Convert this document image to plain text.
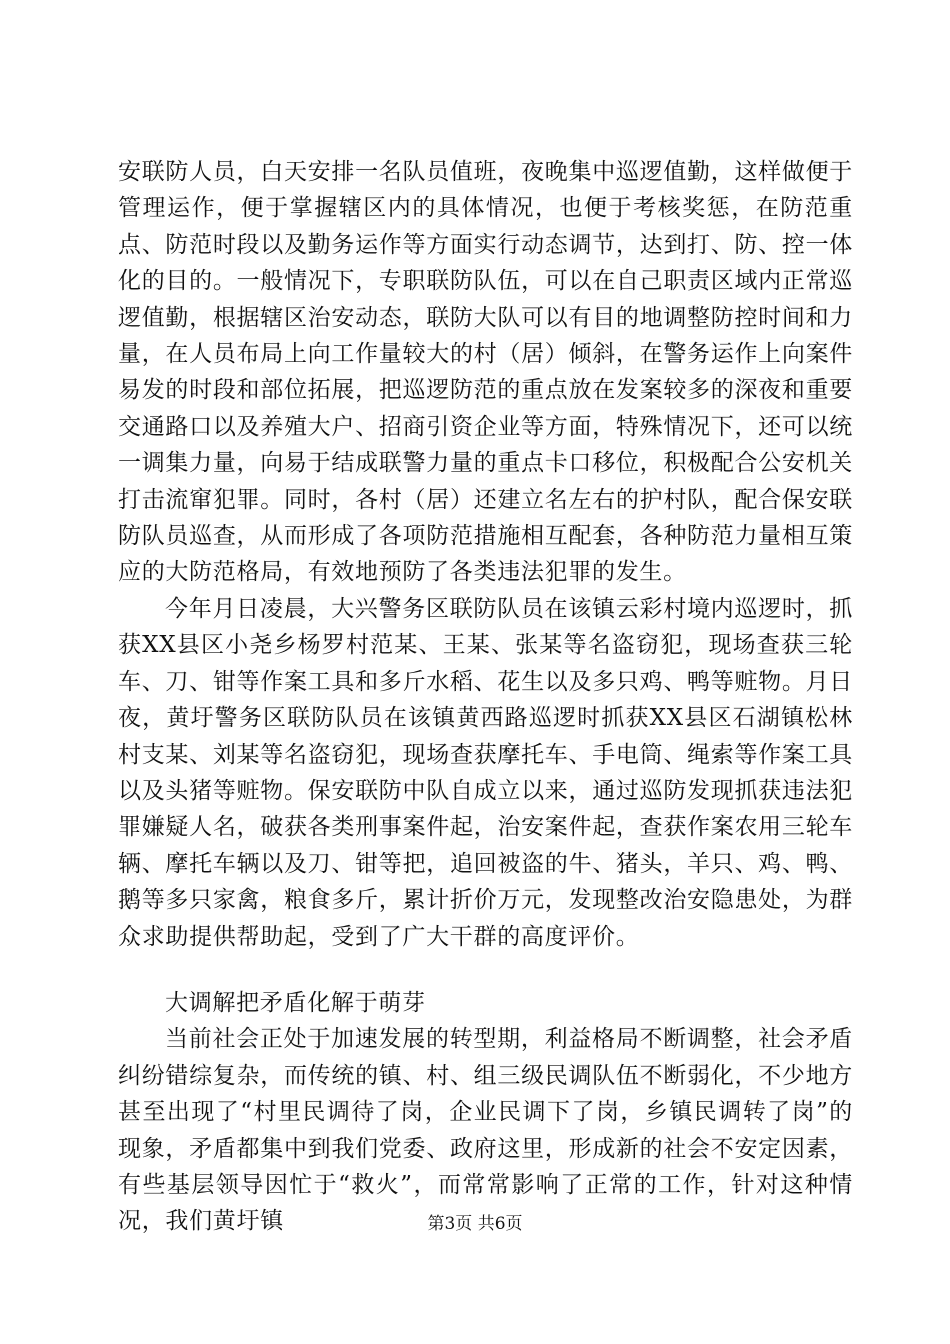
安联防人员，白天安排一名队员值班，夜晚集中巡逻值勤，这样做便于管理运作，便于掌握辖区内的具体情况，也便于考核奖惩，在防范重点、防范时段以及勤务运作等方面实行动态调节，达到打、防、控一体化的目的。一般情况下，专职联防队伍，可以在自己职责区域内正常巡逻值勤，根据辖区治安动态，联防大队可以有目的地调整防控时间和力量，在人员布局上向工作量较大的村（居）倾斜，在警务运作上向案件易发的时段和部位拓展，把巡逻防范的重点放在发案较多的深夜和重要交通路口以及养殖大户、招商引资企业等方面，特殊情况下，还可以统一调集力量，向易于结成联警力量的重点卡口移位，积极配合公安机关打击流窜犯罪。同时，各村（居）还建立名左右的护村队，配合保安联防队员巡查，从而形成了各项防范措施相互配套，各种防范力量相互策应的大防范格局，有效地预防了各类违法犯罪的发生。

今年月日凌晨，大兴警务区联防队员在该镇云彩村境内巡逻时，抓获XX县区小尧乡杨罗村范某、王某、张某等名盗窃犯，现场查获三轮车、刀、钳等作案工具和多斤水稻、花生以及多只鸡、鸭等赃物。月日夜，黄圩警务区联防队员在该镇黄西路巡逻时抓获XX县区石湖镇松林村支某、刘某等名盗窃犯，现场查获摩托车、手电筒、绳索等作案工具以及头猪等赃物。保安联防中队自成立以来，通过巡防发现抓获违法犯罪嫌疑人名，破获各类刑事案件起，治安案件起，查获作案农用三轮车辆、摩托车辆以及刀、钳等把，追回被盗的牛、猪头，羊只、鸡、鸭、鹅等多只家禽，粮食多斤，累计折价万元，发现整改治安隐患处，为群众求助提供帮助起，受到了广大干群的高度评价。

大调解把矛盾化解于萌芽

当前社会正处于加速发展的转型期，利益格局不断调整，社会矛盾纠纷错综复杂，而传统的镇、村、组三级民调队伍不断弱化，不少地方甚至出现了“村里民调待了岗，企业民调下了岗，乡镇民调转了岗”的现象，矛盾都集中到我们党委、政府这里，形成新的社会不安定因素，有些基层领导因忙于“救火”，而常常影响了正常的工作，针对这种情况，我们黄圩镇	第3页 共6页
